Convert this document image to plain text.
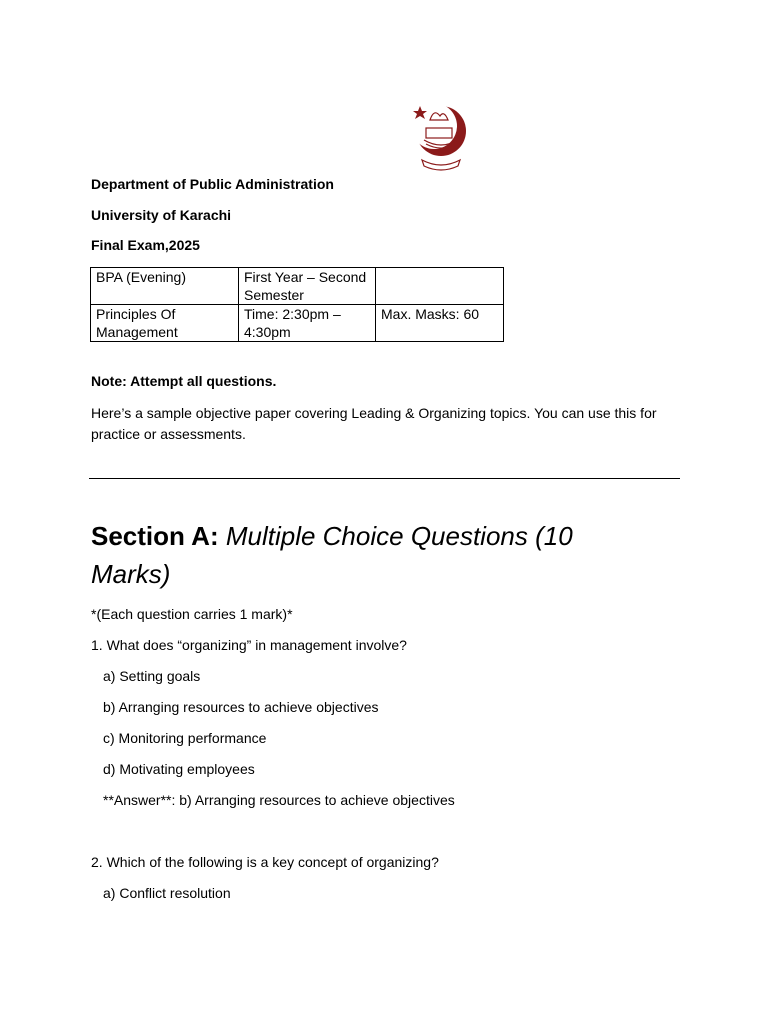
Department of Public Administration
University of Karachi
Final Exam,2025
BPA (Evening)	First Year – Second Semester	
Principles Of Management	Time: 2:30pm – 4:30pm	Max. Masks: 60
Note: Attempt all questions.
Here’s a sample objective paper covering Leading & Organizing topics. You can use this for practice or assessments.
Section A: Multiple Choice Questions (10 Marks)
*(Each question carries 1 mark)*
1. What does “organizing” in management involve?
a) Setting goals
b) Arranging resources to achieve objectives
c) Monitoring performance
d) Motivating employees
**Answer**: b) Arranging resources to achieve objectives
2. Which of the following is a key concept of organizing?
a) Conflict resolution
